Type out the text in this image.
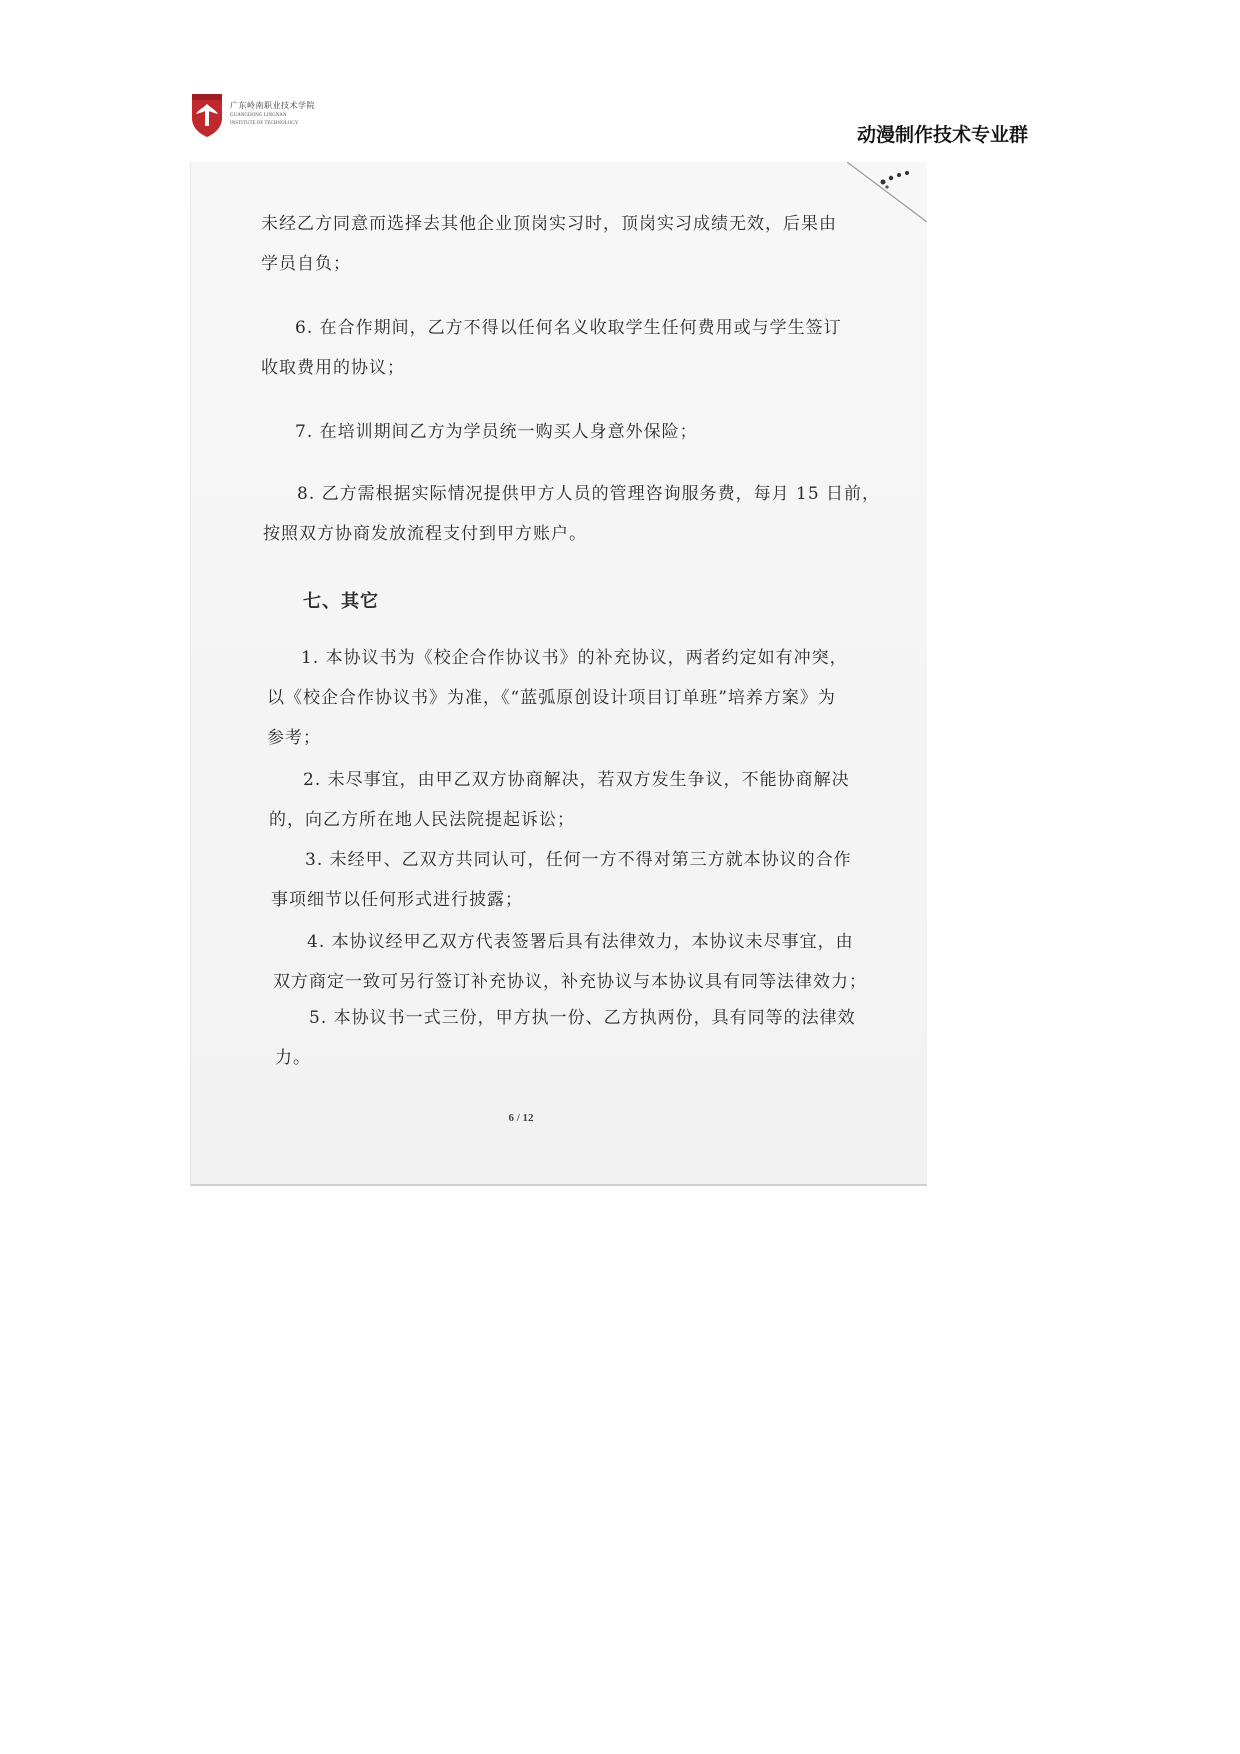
广东岭南职业技术学院
GUANGDONG LINGNAN
INSTITUTE OF TECHNOLOGY
动漫制作技术专业群
未经乙方同意而选择去其他企业顶岗实习时，顶岗实习成绩无效，后果由
学员自负；
6. 在合作期间，乙方不得以任何名义收取学生任何费用或与学生签订
收取费用的协议；
7. 在培训期间乙方为学员统一购买人身意外保险；
8. 乙方需根据实际情况提供甲方人员的管理咨询服务费，每月 15 日前，
按照双方协商发放流程支付到甲方账户。
七、其它
1. 本协议书为《校企合作协议书》的补充协议，两者约定如有冲突，
以《校企合作协议书》为准，《“蓝弧原创设计项目订单班”培养方案》为
参考；
2. 未尽事宜，由甲乙双方协商解决，若双方发生争议，不能协商解决
的，向乙方所在地人民法院提起诉讼；
3. 未经甲、乙双方共同认可，任何一方不得对第三方就本协议的合作
事项细节以任何形式进行披露；
4. 本协议经甲乙双方代表签署后具有法律效力，本协议未尽事宜，由
双方商定一致可另行签订补充协议，补充协议与本协议具有同等法律效力；
5. 本协议书一式三份，甲方执一份、乙方执两份，具有同等的法律效
力。
6 / 12
